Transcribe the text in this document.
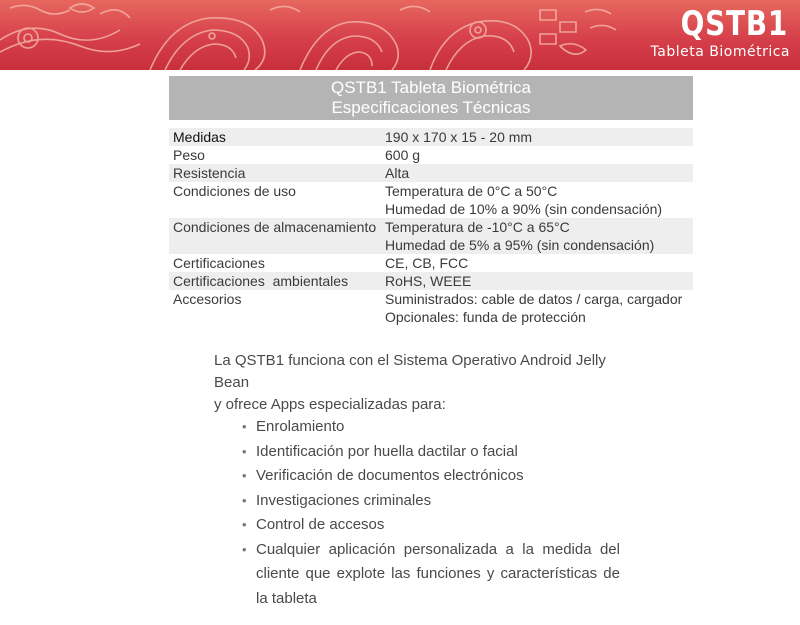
QSTB1
Tableta Biométrica
QSTB1 Tableta Biométrica
Especificaciones Técnicas
Medidas	190 x 170 x 15 - 20 mm
Peso	600 g
Resistencia	Alta
Condiciones de uso	Temperatura de 0°C a 50°C
Humedad de 10% a 90% (sin condensación)

Condiciones de almacenamiento	Temperatura de -10°C a 65°C
Humedad de 5% a 95% (sin condensación)

Certificaciones	CE, CB, FCC
Certificaciones  ambientales	RoHS, WEEE
Accesorios	Suministrados: cable de datos / carga, cargador
Opcionales: funda de protección
La QSTB1 funciona con el Sistema Operativo Android Jelly Bean
y ofrece Apps especializadas para:
• Enrolamiento
• Identificación por huella dactilar o facial
• Verificación de documentos electrónicos
• Investigaciones criminales
• Control de accesos
• Cualquier aplicación personalizada a la medida del cliente que explote las funciones y características de la tableta
